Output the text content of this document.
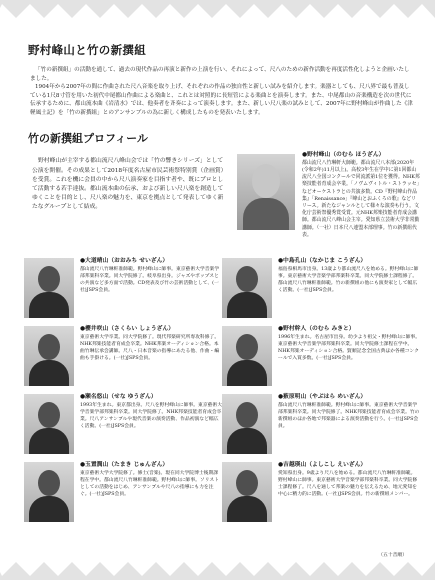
野村峰山と竹の新撰組

「竹の新撰組」の活動を通して、過去の現代作品の再演と新作の上演を行い、それによって、尺八のための新作活動を再度活性化しようと企画いたしました。

1904年から2007年の間に作曲された尺八音楽を取り上げ、それぞれの作品の独自性と新しい試みを紹介します。楽器としても、尺八界で最も普及している1尺8寸管を用いた初代中尾都山作曲による楽曲と、これとは対照的に長短管による楽曲とを演奏します。また、中尾都山の音楽構造を次の世代に伝承するために、都山流本曲《岩清水》では、他奏者を斉奏によって演奏します。また、新しい尺八楽の試みとして、2007年に野村峰山が作曲した《津軽風土記》を「竹の新撰組」とのアンサンブルの為に新しく構成したものを発表いたします。

竹の新撰組プロフィール

野村峰山が主宰する都山流尺八峰山会では「竹の響きシリーズ」として公演を開催。その成果として2018年度名古屋市民芸術祭特別賞（企画賞）を受賞。これを機に会員の中から尺八演奏家を目指す者や、既にプロとして活動する若手達抜。都山流本曲の伝承、および新しい尺八楽を創造してゆくことを目的とし、尺八楽の魅力を、東京を拠点として発表してゆく新たなグループとして結成。

●野村峰山（のむら ほうざん）
都山流尺八竹琳軒大師範。都山流尺八本部(2020年(令和2年)11月以上)。高校3年生在学中に第1回都山流尺八全国コンクールで同流派第1位を獲得。NHK邦楽技能者育成会卒業。「ノヴムヴィトル・ストラッセ」などオーケストラとの共演多数。CD『野村峰山作品集』「Renaissance」『峰山とおふくろの歌』などリリース。新たなジャンルとして様々な演奏も行う。文化庁芸術祭優秀賞受賞。元NHK邦楽技能者育成会講師。都山流尺八峰山会主宰。愛知県立芸術大学非常勤講師。（一社）日本尺八連盟本部理事。竹の新撰組代表。
●大道晴山（おおみち せいざん）
都山流尺八竹琳軒准師範。野村峰山に師事。東京藝術大学音楽学部邦楽科卒業。同大学院修了。岐阜県出身。ジャズやポップスとの共演など多方面で活動。CD発表及び竹の芸術活動として、(一社)JSPS会員。
●中島孔山（なかじま こうざん）
福島県相馬市出身。13歳より都山流尺八を始める。野村峰山に師事。東京藝術大学音楽学部邦楽科卒業。同大学院修士課程修了。都山流尺八竹琳軒准師範。竹の新撰組の他にも演奏家として幅広く活動。(一社)JSPS会員。
●櫻井咲山（さくらい しょうざん）
東京藝術大学卒業。同大学院修了。現代邦楽研究所専攻科修了。NHK邦楽技能者育成会卒業。NHK邦楽オーディション合格。本曲竹琳伝承会講師。尺八・日本音楽の指導にあたる他、作曲・編曲も手掛ける。(一社)JSPS会員。
●野村幹人（のむら みきと）
1996年生まれ。名古屋市出身。幼少より祖父・野村峰山に師事。東京藝術大学音楽学部邦楽科卒業。同大学院修士課程在学中。NHK邦楽オーディション合格。賢順記念全国古典ほか各種コンクールで入賞多数。(一社)JSPS会員。
●瀬名悠山（せな ゆうざん）
1993年生まれ。東京都出身。尺八を野村峰山に師事。東京藝術大学音楽学部邦楽科卒業。同大学院修了。NHK邦楽技能者育成会卒業。尺八アンサンブルや現代音楽の演奏活動、作品初演など幅広く活動。(一社)JSPS会員。
●薮原明山（やぶはら めいざん）
都山流尺八竹琳軒准師範。野村峰山に師事。東京藝術大学音楽学部邦楽科卒業。同大学院修了。NHK邦楽技能者育成会卒業。竹の新撰組のほか各地で邦楽器による演奏活動を行う。(一社)JSPS会員。
●玉置潤山（たまき じゅんざん）
東京藝術大学大学院修了。修士(音楽)。現在同大学院博士後期課程在学中。都山流尺八竹琳軒准師範。野村峰山に師事。ソリストとしての活動をはじめ、アンサンブルや尺八の指導にも力を注ぐ。(一社)JSPS会員。
●吉越瑛山（よしこし えいざん）
愛知県出身。9歳より尺八を始める。都山流尺八竹琳軒准師範。野村峰山に師事。東京藝術大学音楽学部邦楽科卒業。同大学院修士課程修了。尺八を通して邦楽の魅力を伝えるため、地元愛知を中心に精力的に活動。(一社)JSPS会員。竹の新撰組メンバー。
（五十音順）
